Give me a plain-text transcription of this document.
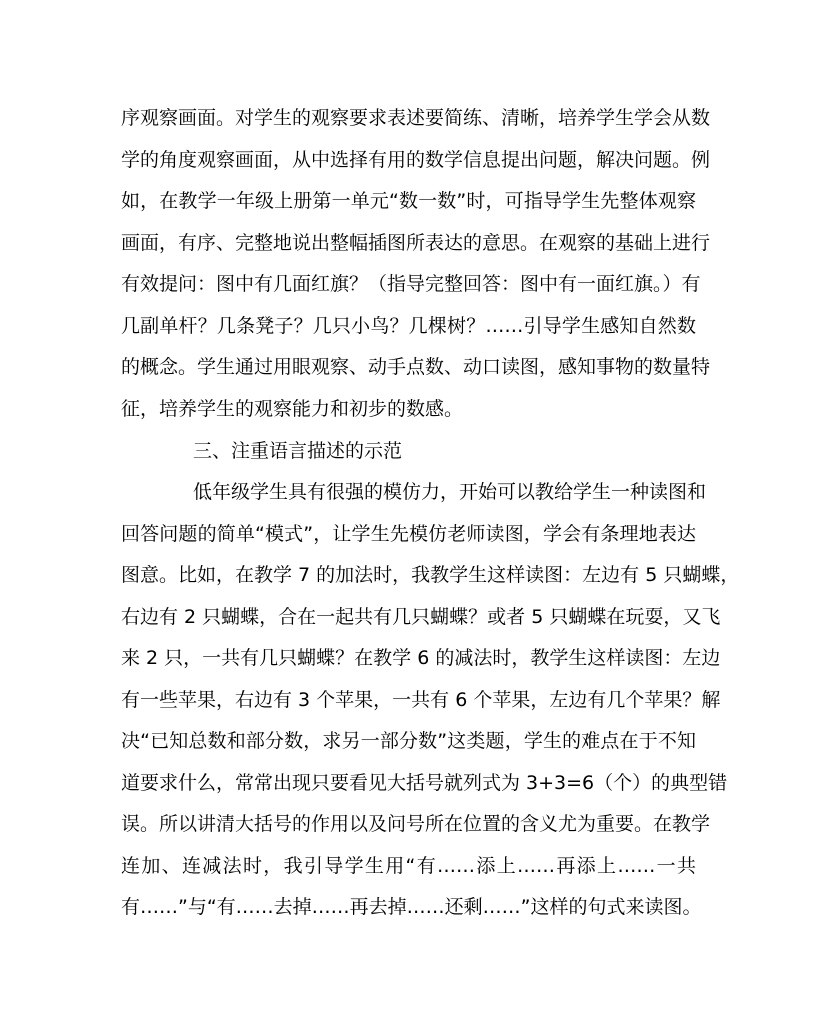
序观察画面。对学生的观察要求表述要简练、清晰，培养学生学会从数
学的角度观察画面，从中选择有用的数学信息提出问题，解决问题。例
如，在教学一年级上册第一单元“数一数”时，可指导学生先整体观察
画面，有序、完整地说出整幅插图所表达的意思。在观察的基础上进行
有效提问：图中有几面红旗？（指导完整回答：图中有一面红旗。）有
几副单杆？几条凳子？几只小鸟？几棵树？……引导学生感知自然数
的概念。学生通过用眼观察、动手点数、动口读图，感知事物的数量特
征，培养学生的观察能力和初步的数感。
三、注重语言描述的示范
低年级学生具有很强的模仿力，开始可以教给学生一种读图和
回答问题的简单“模式”，让学生先模仿老师读图，学会有条理地表达
图意。比如，在教学 7 的加法时，我教学生这样读图：左边有 5 只蝴蝶，
右边有 2 只蝴蝶，合在一起共有几只蝴蝶？或者 5 只蝴蝶在玩耍，又飞
来 2 只，一共有几只蝴蝶？在教学 6 的减法时，教学生这样读图：左边
有一些苹果，右边有 3 个苹果，一共有 6 个苹果，左边有几个苹果？解
决“已知总数和部分数，求另一部分数”这类题，学生的难点在于不知
道要求什么，常常出现只要看见大括号就列式为 3+3=6（个）的典型错
误。所以讲清大括号的作用以及问号所在位置的含义尤为重要。在教学
连加、连减法时，我引导学生用“有……添上……再添上……一共
有……”与“有……去掉……再去掉……还剩……”这样的句式来读图。
